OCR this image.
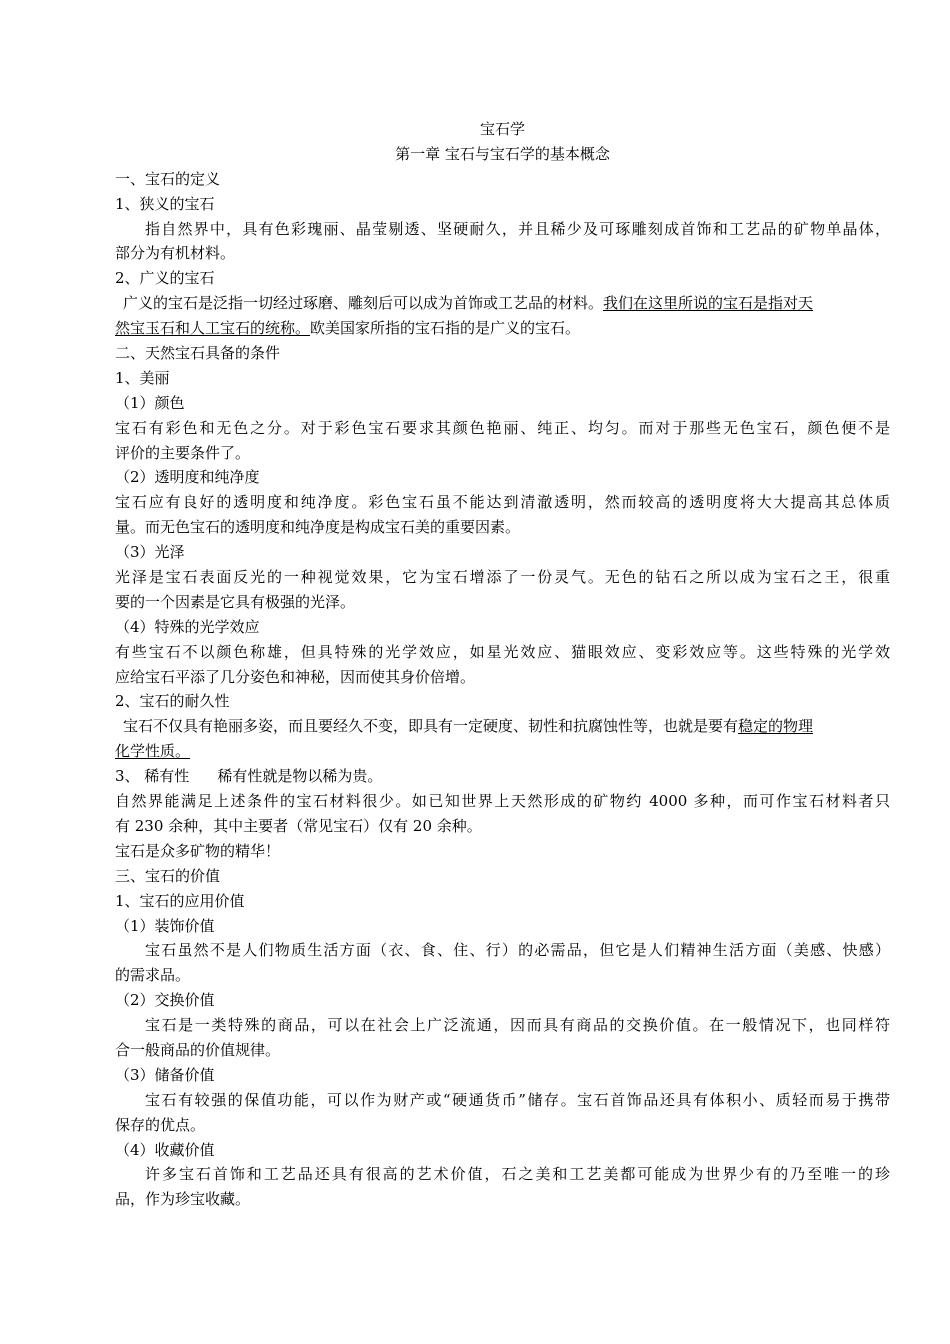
宝石学
第一章 宝石与宝石学的基本概念
一、宝石的定义
1、狭义的宝石
指自然界中，具有色彩瑰丽、晶莹剔透、坚硬耐久，并且稀少及可琢雕刻成首饰和工艺品的矿物单晶体，
部分为有机材料。
2、广义的宝石
广义的宝石是泛指一切经过琢磨、雕刻后可以成为首饰或工艺品的材料。我们在这里所说的宝石是指对天
然宝玉石和人工宝石的统称。欧美国家所指的宝石指的是广义的宝石。
二、天然宝石具备的条件
1、美丽
（1）颜色
宝石有彩色和无色之分。对于彩色宝石要求其颜色艳丽、纯正、均匀。而对于那些无色宝石，颜色便不是
评价的主要条件了。
（2）透明度和纯净度
宝石应有良好的透明度和纯净度。彩色宝石虽不能达到清澈透明，然而较高的透明度将大大提高其总体质
量。而无色宝石的透明度和纯净度是构成宝石美的重要因素。
（3）光泽
光泽是宝石表面反光的一种视觉效果，它为宝石增添了一份灵气。无色的钻石之所以成为宝石之王，很重
要的一个因素是它具有极强的光泽。
（4）特殊的光学效应
有些宝石不以颜色称雄，但具特殊的光学效应，如星光效应、猫眼效应、变彩效应等。这些特殊的光学效
应给宝石平添了几分姿色和神秘，因而使其身价倍增。
2、宝石的耐久性
宝石不仅具有艳丽多姿，而且要经久不变，即具有一定硬度、韧性和抗腐蚀性等，也就是要有稳定的物理
化学性质。
3、 稀有性 稀有性就是物以稀为贵。
自然界能满足上述条件的宝石材料很少。如已知世界上天然形成的矿物约 4000 多种，而可作宝石材料者只
有 230 余种，其中主要者（常见宝石）仅有 20 余种。
宝石是众多矿物的精华！
三、宝石的价值
1、宝石的应用价值
（1）装饰价值
宝石虽然不是人们物质生活方面（衣、食、住、行）的必需品，但它是人们精神生活方面（美感、快感）
的需求品。
（2）交换价值
宝石是一类特殊的商品，可以在社会上广泛流通，因而具有商品的交换价值。在一般情况下，也同样符
合一般商品的价值规律。
（3）储备价值
宝石有较强的保值功能，可以作为财产或“硬通货币”储存。宝石首饰品还具有体积小、质轻而易于携带
保存的优点。
（4）收藏价值
许多宝石首饰和工艺品还具有很高的艺术价值，石之美和工艺美都可能成为世界少有的乃至唯一的珍
品，作为珍宝收藏。
